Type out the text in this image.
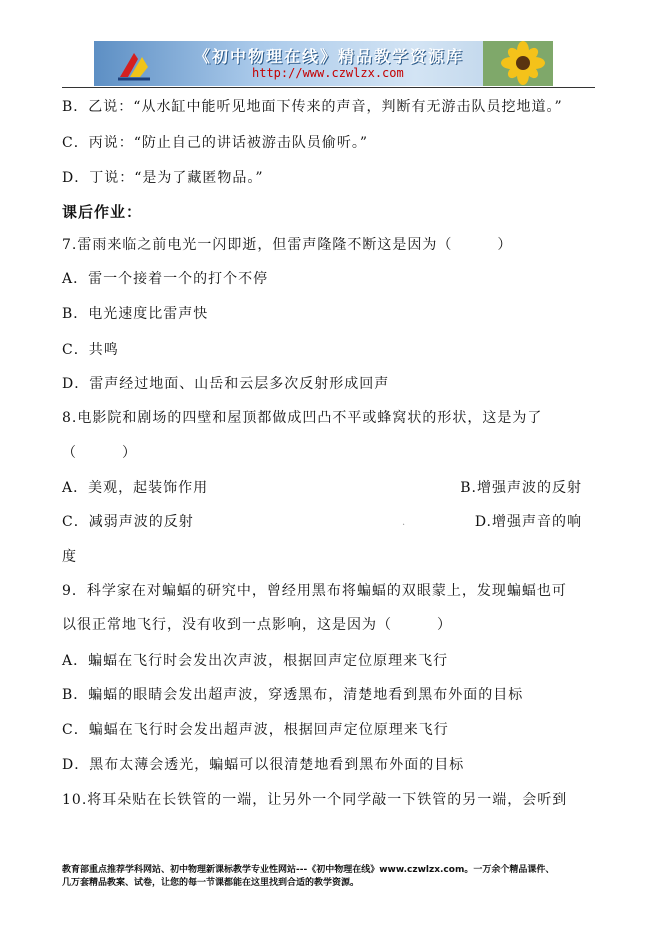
《初中物理在线》精品教学资源库
http://www.czwlzx.com
B．乙说：“从水缸中能听见地面下传来的声音，判断有无游击队员挖地道。”
C．丙说：“防止自己的讲话被游击队员偷听。”
D．丁说：“是为了藏匿物品。”
课后作业：
7.雷雨来临之前电光一闪即逝，但雷声隆隆不断这是因为（　　　）
A．雷一个接着一个的打个不停
B．电光速度比雷声快
C．共鸣
D．雷声经过地面、山岳和云层多次反射形成回声
8.电影院和剧场的四壁和屋顶都做成凹凸不平或蜂窝状的形状，这是为了
（　　　）
A．美观，起装饰作用	B.增强声波的反射
C．减弱声波的反射	.	D.增强声音的响
度
9．科学家在对蝙蝠的研究中，曾经用黑布将蝙蝠的双眼蒙上，发现蝙蝠也可
以很正常地飞行，没有收到一点影响，这是因为（　　　）
A．蝙蝠在飞行时会发出次声波，根据回声定位原理来飞行
B．蝙蝠的眼睛会发出超声波，穿透黑布，清楚地看到黑布外面的目标
C．蝙蝠在飞行时会发出超声波，根据回声定位原理来飞行
D．黑布太薄会透光，蝙蝠可以很清楚地看到黑布外面的目标
10.将耳朵贴在长铁管的一端，让另外一个同学敲一下铁管的另一端，会听到
教育部重点推荐学科网站、初中物理新课标教学专业性网站---《初中物理在线》www.czwlzx.com。一万余个精品课件、
几万套精品教案、试卷，让您的每一节课都能在这里找到合适的教学资源。
